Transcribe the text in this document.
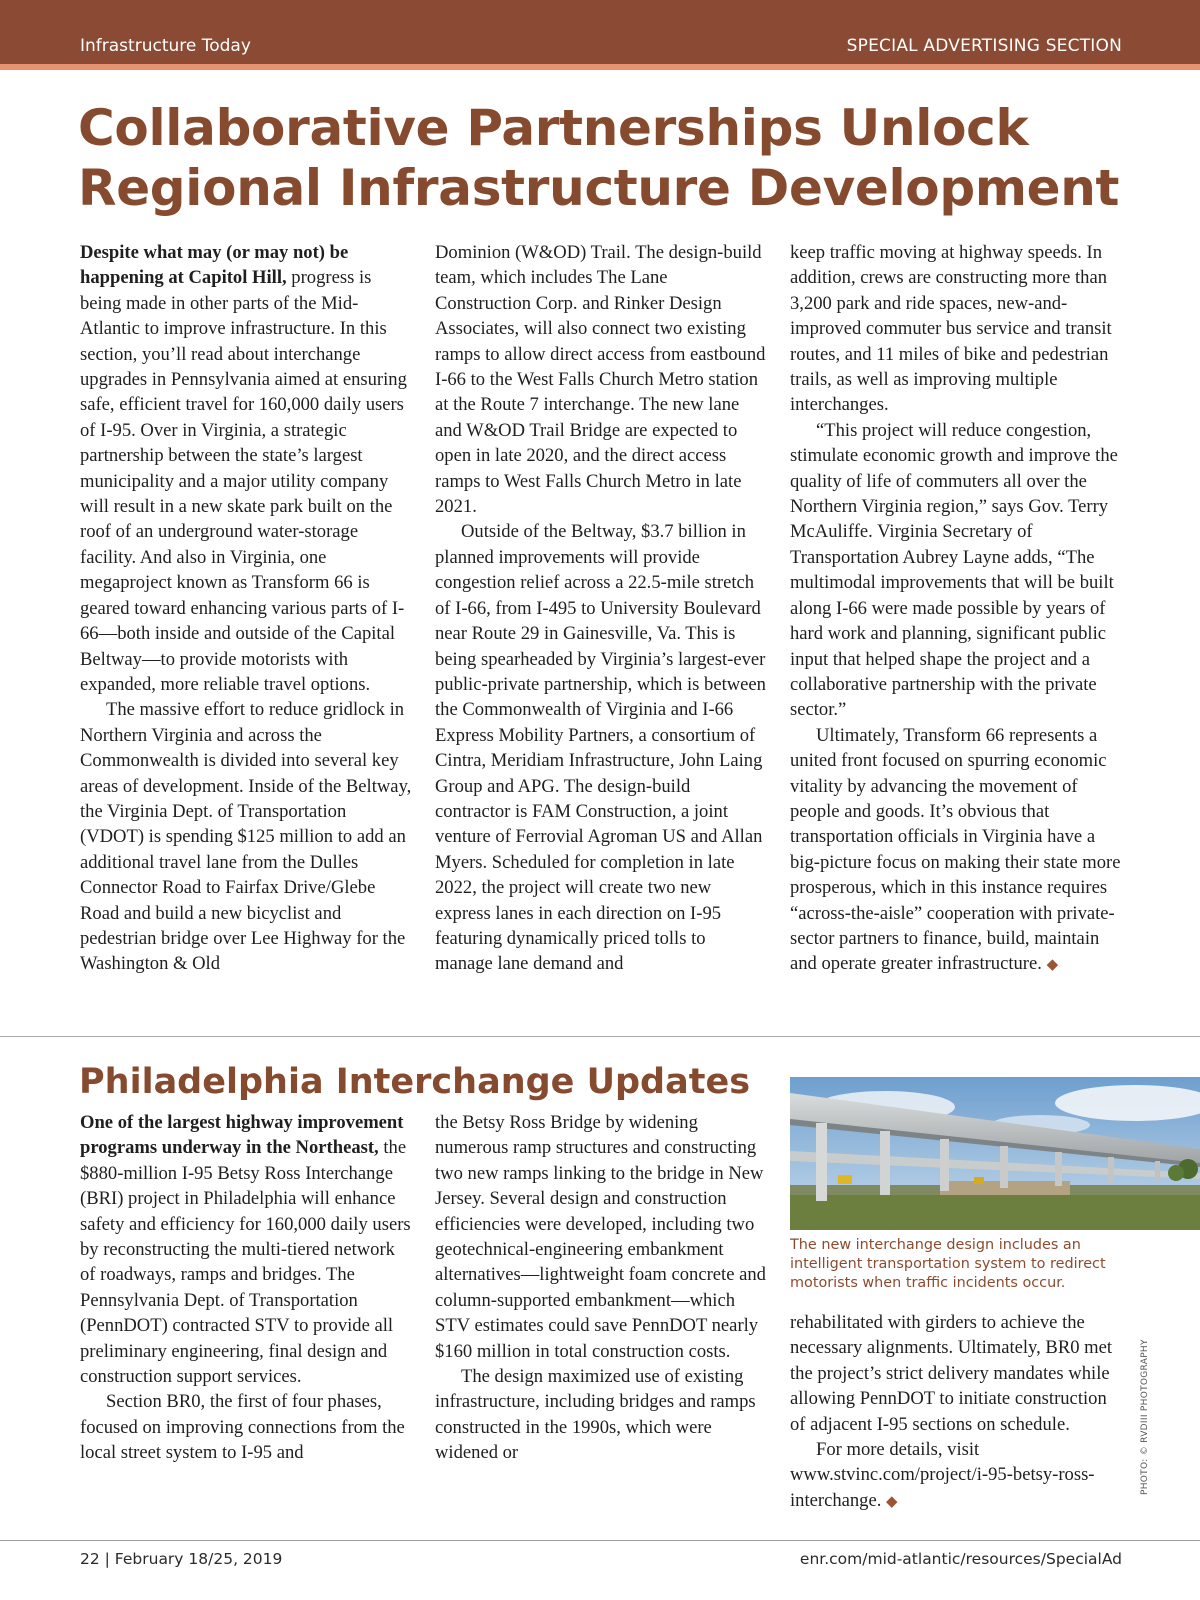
Infrastructure Today	SPECIAL ADVERTISING SECTION
Collaborative Partnerships Unlock
Regional Infrastructure Development

Despite what may (or may not) be happening at Capitol Hill, progress is being made in other parts of the Mid-Atlantic to improve infrastructure. In this section, you’ll read about interchange upgrades in Pennsylvania aimed at ensuring safe, efficient travel for 160,000 daily users of I-95. Over in Virginia, a strategic partnership between the state’s largest municipality and a major utility company will result in a new skate park built on the roof of an underground water-storage facility. And also in Virginia, one megaproject known as Transform 66 is geared toward enhancing various parts of I-66—both inside and outside of the Capital Beltway—to provide motorists with expanded, more reliable travel options.

The massive effort to reduce gridlock in Northern Virginia and across the Commonwealth is divided into several key areas of development. Inside of the Beltway, the Virginia Dept. of Transportation (VDOT) is spending $125 million to add an additional travel lane from the Dulles Connector Road to Fairfax Drive/Glebe Road and build a new bicyclist and pedestrian bridge over Lee Highway for the Washington & Old

Dominion (W&OD) Trail. The design-build team, which includes The Lane Construction Corp. and Rinker Design Associates, will also connect two existing ramps to allow direct access from eastbound I-66 to the West Falls Church Metro station at the Route 7 interchange. The new lane and W&OD Trail Bridge are expected to open in late 2020, and the direct access ramps to West Falls Church Metro in late 2021.

Outside of the Beltway, $3.7 billion in planned improvements will provide congestion relief across a 22.5-mile stretch of I-66, from I-495 to University Boulevard near Route 29 in Gainesville, Va. This is being spearheaded by Virginia’s largest-ever public-private partnership, which is between the Commonwealth of Virginia and I-66 Express Mobility Partners, a consortium of Cintra, Meridiam Infrastructure, John Laing Group and APG. The design-build contractor is FAM Construction, a joint venture of Ferrovial Agroman US and Allan Myers. Scheduled for completion in late 2022, the project will create two new express lanes in each direction on I-95 featuring dynamically priced tolls to manage lane demand and

keep traffic moving at highway speeds. In addition, crews are constructing more than 3,200 park and ride spaces, new-and-improved commuter bus service and transit routes, and 11 miles of bike and pedestrian trails, as well as improving multiple interchanges.

“This project will reduce congestion, stimulate economic growth and improve the quality of life of commuters all over the Northern Virginia region,” says Gov. Terry McAuliffe. Virginia Secretary of Transportation Aubrey Layne adds, “The multimodal improvements that will be built along I-66 were made possible by years of hard work and planning, significant public input that helped shape the project and a collaborative partnership with the private sector.”

Ultimately, Transform 66 represents a united front focused on spurring economic vitality by advancing the movement of people and goods. It’s obvious that transportation officials in Virginia have a big-picture focus on making their state more prosperous, which in this instance requires “across-the-aisle” cooperation with private-sector partners to finance, build, maintain and operate greater infrastructure. ◆

Philadelphia Interchange Updates

One of the largest highway improvement programs underway in the Northeast, the $880-million I-95 Betsy Ross Interchange (BRI) project in Philadelphia will enhance safety and efficiency for 160,000 daily users by reconstructing the multi-tiered network of roadways, ramps and bridges. The Pennsylvania Dept. of Transportation (PennDOT) contracted STV to provide all preliminary engineering, final design and construction support services.

Section BR0, the first of four phases, focused on improving connections from the local street system to I-95 and

the Betsy Ross Bridge by widening numerous ramp structures and constructing two new ramps linking to the bridge in New Jersey. Several design and construction efficiencies were developed, including two geotechnical-engineering embankment alternatives—lightweight foam concrete and column-supported embankment—which STV estimates could save PennDOT nearly $160 million in total construction costs.

The design maximized use of existing infrastructure, including bridges and ramps constructed in the 1990s, which were widened or

The new interchange design includes an intelligent transportation system to redirect motorists when traffic incidents occur.

rehabilitated with girders to achieve the necessary alignments. Ultimately, BR0 met the project’s strict delivery mandates while allowing PennDOT to initiate construction of adjacent I-95 sections on schedule.

For more details, visit www.stvinc.com/project/i-95-betsy-ross-interchange. ◆

PHOTO: © RVDIII PHOTOGRAPHY
22 | February 18/25, 2019	enr.com/mid-atlantic/resources/SpecialAd
